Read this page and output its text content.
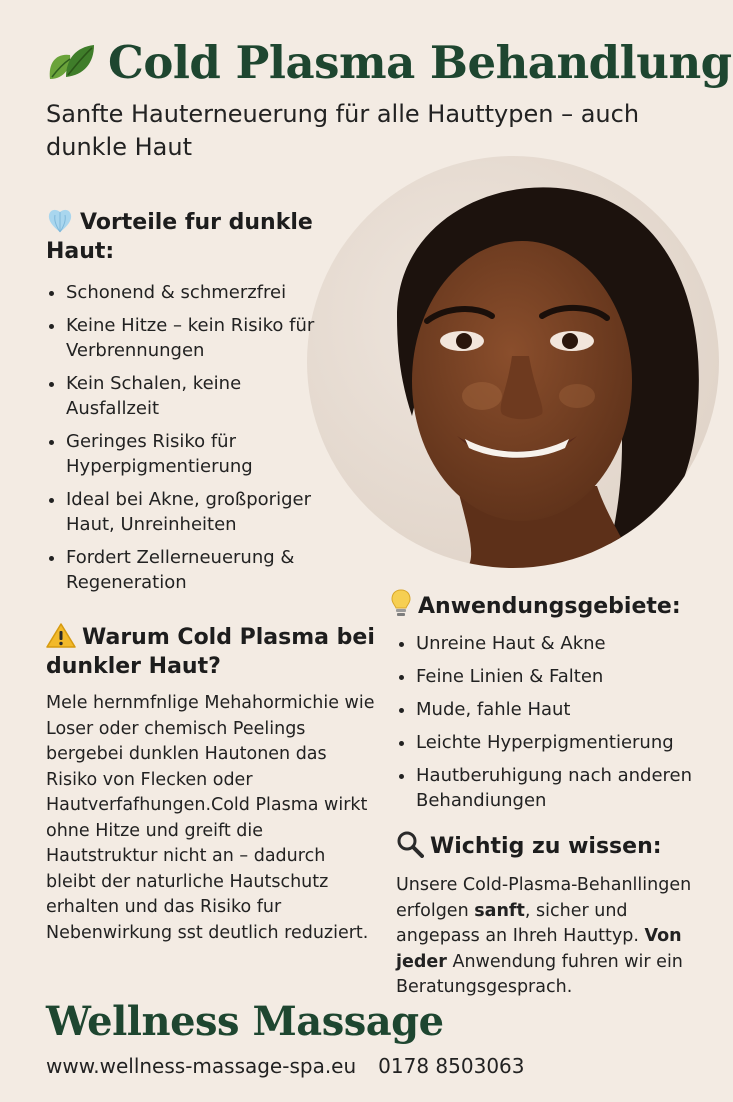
Cold Plasma Behandlung
Sanfte Hauterneuerung für alle Hauttypen – auch dunkle Haut
Vorteile fur dunkle Haut:
Schonend & schmerzfrei
Keine Hitze – kein Risiko für Verbrennungen
Kein Schalen, keine Ausfallzeit
Geringes Risiko für Hyperpigmentierung
Ideal bei Akne, großporiger Haut, Unreinheiten
Fordert Zellerneuerung & Regeneration
Warum Cold Plasma bei dunkler Haut?
Mele hernmfnlige Mehahormichie wie Loser oder chemisch Peelings bergebei dunklen Hautonen das Risiko von Flecken oder Hautverfafhungen.Cold Plasma wirkt ohne Hitze und greift die Hautstruktur nicht an – dadurch bleibt der naturliche Hautschutz erhalten und das Risiko fur Nebenwirkung sst deutlich reduziert.
Anwendungsgebiete:
Unreine Haut & Akne
Feine Linien & Falten
Mude, fahle Haut
Leichte Hyperpigmentierung
Hautberuhigung nach anderen Behandiungen
Wichtig zu wissen:
Unsere Cold-Plasma-Behanllingen erfolgen sanft, sicher und angepass an Ihreh Hauttyp. Von jeder Anwendung fuhren wir ein Beratungsgesprach.
Wellness Massage
www.wellness-massage-spa.eu 0178 8503063
